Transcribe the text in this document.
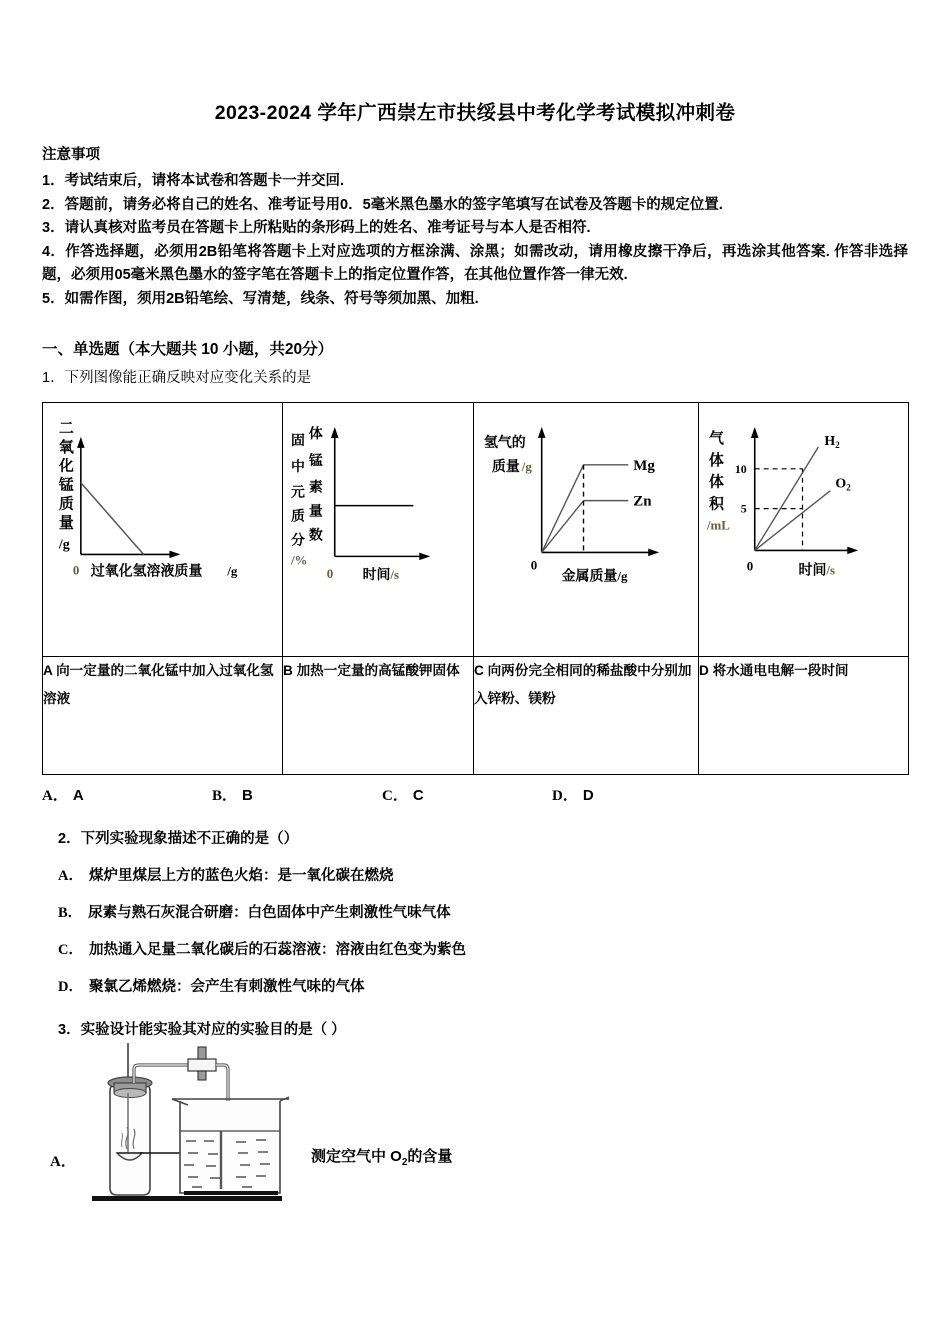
2023-2024 学年广西崇左市扶绥县中考化学考试模拟冲刺卷
注意事项
1．考试结束后，请将本试卷和答题卡一并交回.
2．答题前，请务必将自己的姓名、准考证号用0．5毫米黑色墨水的签字笔填写在试卷及答题卡的规定位置.
3．请认真核对监考员在答题卡上所粘贴的条形码上的姓名、准考证号与本人是否相符.
4．作答选择题，必须用2B铅笔将答题卡上对应选项的方框涂满、涂黑；如需改动，请用橡皮擦干净后，再选涂其他答案. 作答非选择题，必须用05毫米黑色墨水的签字笔在答题卡上的指定位置作答，在其他位置作答一律无效.
5．如需作图，须用2B铅笔绘、写清楚，线条、符号等须加黑、加粗.
一、单选题（本大题共 10 小题，共20分）
1．下列图像能正确反映对应变化关系的是
二
氧
化
锰
质
量
/g
0 过氧化氢溶液质量 /g

固 体
中 锰
元 素
质 量
分 数
/%
0 时间 /s

氢气的
质量 /g	Mg
Zn
0
金属质量 /g

气
体
体
积
/mL
10
5
$H_2$
$O_2$
0	时间 /s

A 向一定量的二氧化锰中加入过氧化氢溶液	B 加热一定量的高锰酸钾固体	C 向两份完全相同的稀盐酸中分别加入锌粉、镁粉	D 将水通电电解一段时间
A． A	B． B	C． C	D． D
2．下列实验现象描述不正确的是（）
A． 煤炉里煤层上方的蓝色火焰：是一氧化碳在燃烧
B． 尿素与熟石灰混合研磨：白色固体中产生刺激性气味气体
C． 加热通入足量二氧化碳后的石蕊溶液：溶液由红色变为紫色
D． 聚氯乙烯燃烧：会产生有刺激性气味的气体
3．实验设计能实验其对应的实验目的是（ ）
A．	测定空气中 $O_2$的含量
